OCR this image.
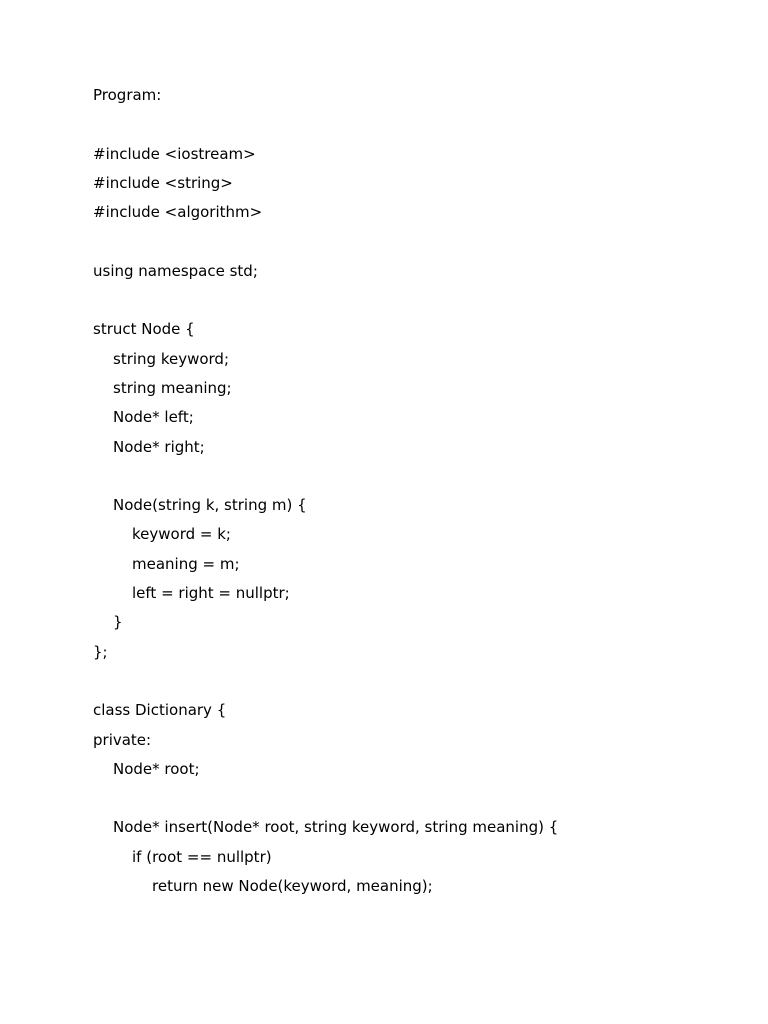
Program:
#include <iostream>
#include <string>
#include <algorithm>
using namespace std;
struct Node {
string keyword;
string meaning;
Node* left;
Node* right;
Node(string k, string m) {
keyword = k;
meaning = m;
left = right = nullptr;
}
};
class Dictionary {
private:
Node* root;
Node* insert(Node* root, string keyword, string meaning) {
if (root == nullptr)
return new Node(keyword, meaning);
